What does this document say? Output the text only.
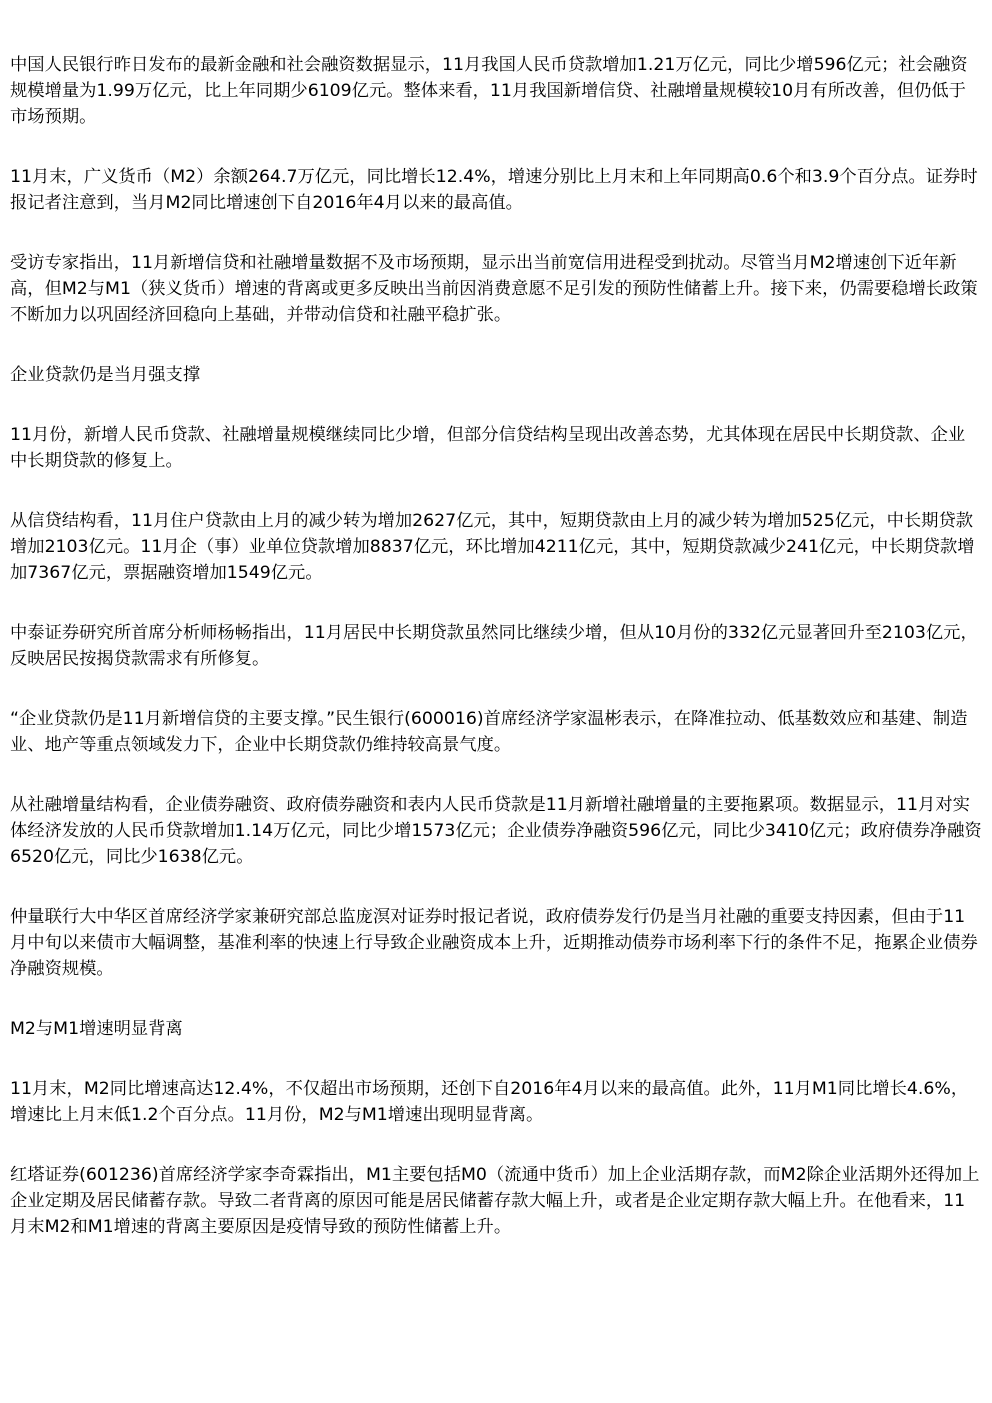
中国人民银行昨日发布的最新金融和社会融资数据显示，11月我国人民币贷款增加1.21万亿元，同比少增596亿元；社会融资规模增量为1.99万亿元，比上年同期少6109亿元。整体来看，11月我国新增信贷、社融增量规模较10月有所改善，但仍低于市场预期。

11月末，广义货币（M2）余额264.7万亿元，同比增长12.4%，增速分别比上月末和上年同期高0.6个和3.9个百分点。证券时报记者注意到，当月M2同比增速创下自2016年4月以来的最高值。

受访专家指出，11月新增信贷和社融增量数据不及市场预期，显示出当前宽信用进程受到扰动。尽管当月M2增速创下近年新高，但M2与M1（狭义货币）增速的背离或更多反映出当前因消费意愿不足引发的预防性储蓄上升。接下来，仍需要稳增长政策不断加力以巩固经济回稳向上基础，并带动信贷和社融平稳扩张。

企业贷款仍是当月强支撑

11月份，新增人民币贷款、社融增量规模继续同比少增，但部分信贷结构呈现出改善态势，尤其体现在居民中长期贷款、企业中长期贷款的修复上。

从信贷结构看，11月住户贷款由上月的减少转为增加2627亿元，其中，短期贷款由上月的减少转为增加525亿元，中长期贷款增加2103亿元。11月企（事）业单位贷款增加8837亿元，环比增加4211亿元，其中，短期贷款减少241亿元，中长期贷款增加7367亿元，票据融资增加1549亿元。

中泰证券研究所首席分析师杨畅指出，11月居民中长期贷款虽然同比继续少增，但从10月份的332亿元显著回升至2103亿元，反映居民按揭贷款需求有所修复。

“企业贷款仍是11月新增信贷的主要支撑。”民生银行(600016)首席经济学家温彬表示，在降准拉动、低基数效应和基建、制造业、地产等重点领域发力下，企业中长期贷款仍维持较高景气度。

从社融增量结构看，企业债券融资、政府债券融资和表内人民币贷款是11月新增社融增量的主要拖累项。数据显示，11月对实体经济发放的人民币贷款增加1.14万亿元，同比少增1573亿元；企业债券净融资596亿元，同比少3410亿元；政府债券净融资6520亿元，同比少1638亿元。

仲量联行大中华区首席经济学家兼研究部总监庞溟对证券时报记者说，政府债券发行仍是当月社融的重要支持因素，但由于11月中旬以来债市大幅调整，基准利率的快速上行导致企业融资成本上升，近期推动债券市场利率下行的条件不足，拖累企业债券净融资规模。

M2与M1增速明显背离

11月末，M2同比增速高达12.4%，不仅超出市场预期，还创下自2016年4月以来的最高值。此外，11月M1同比增长4.6%，增速比上月末低1.2个百分点。11月份，M2与M1增速出现明显背离。

红塔证券(601236)首席经济学家李奇霖指出，M1主要包括M0（流通中货币）加上企业活期存款，而M2除企业活期外还得加上企业定期及居民储蓄存款。导致二者背离的原因可能是居民储蓄存款大幅上升，或者是企业定期存款大幅上升。在他看来，11月末M2和M1增速的背离主要原因是疫情导致的预防性储蓄上升。
